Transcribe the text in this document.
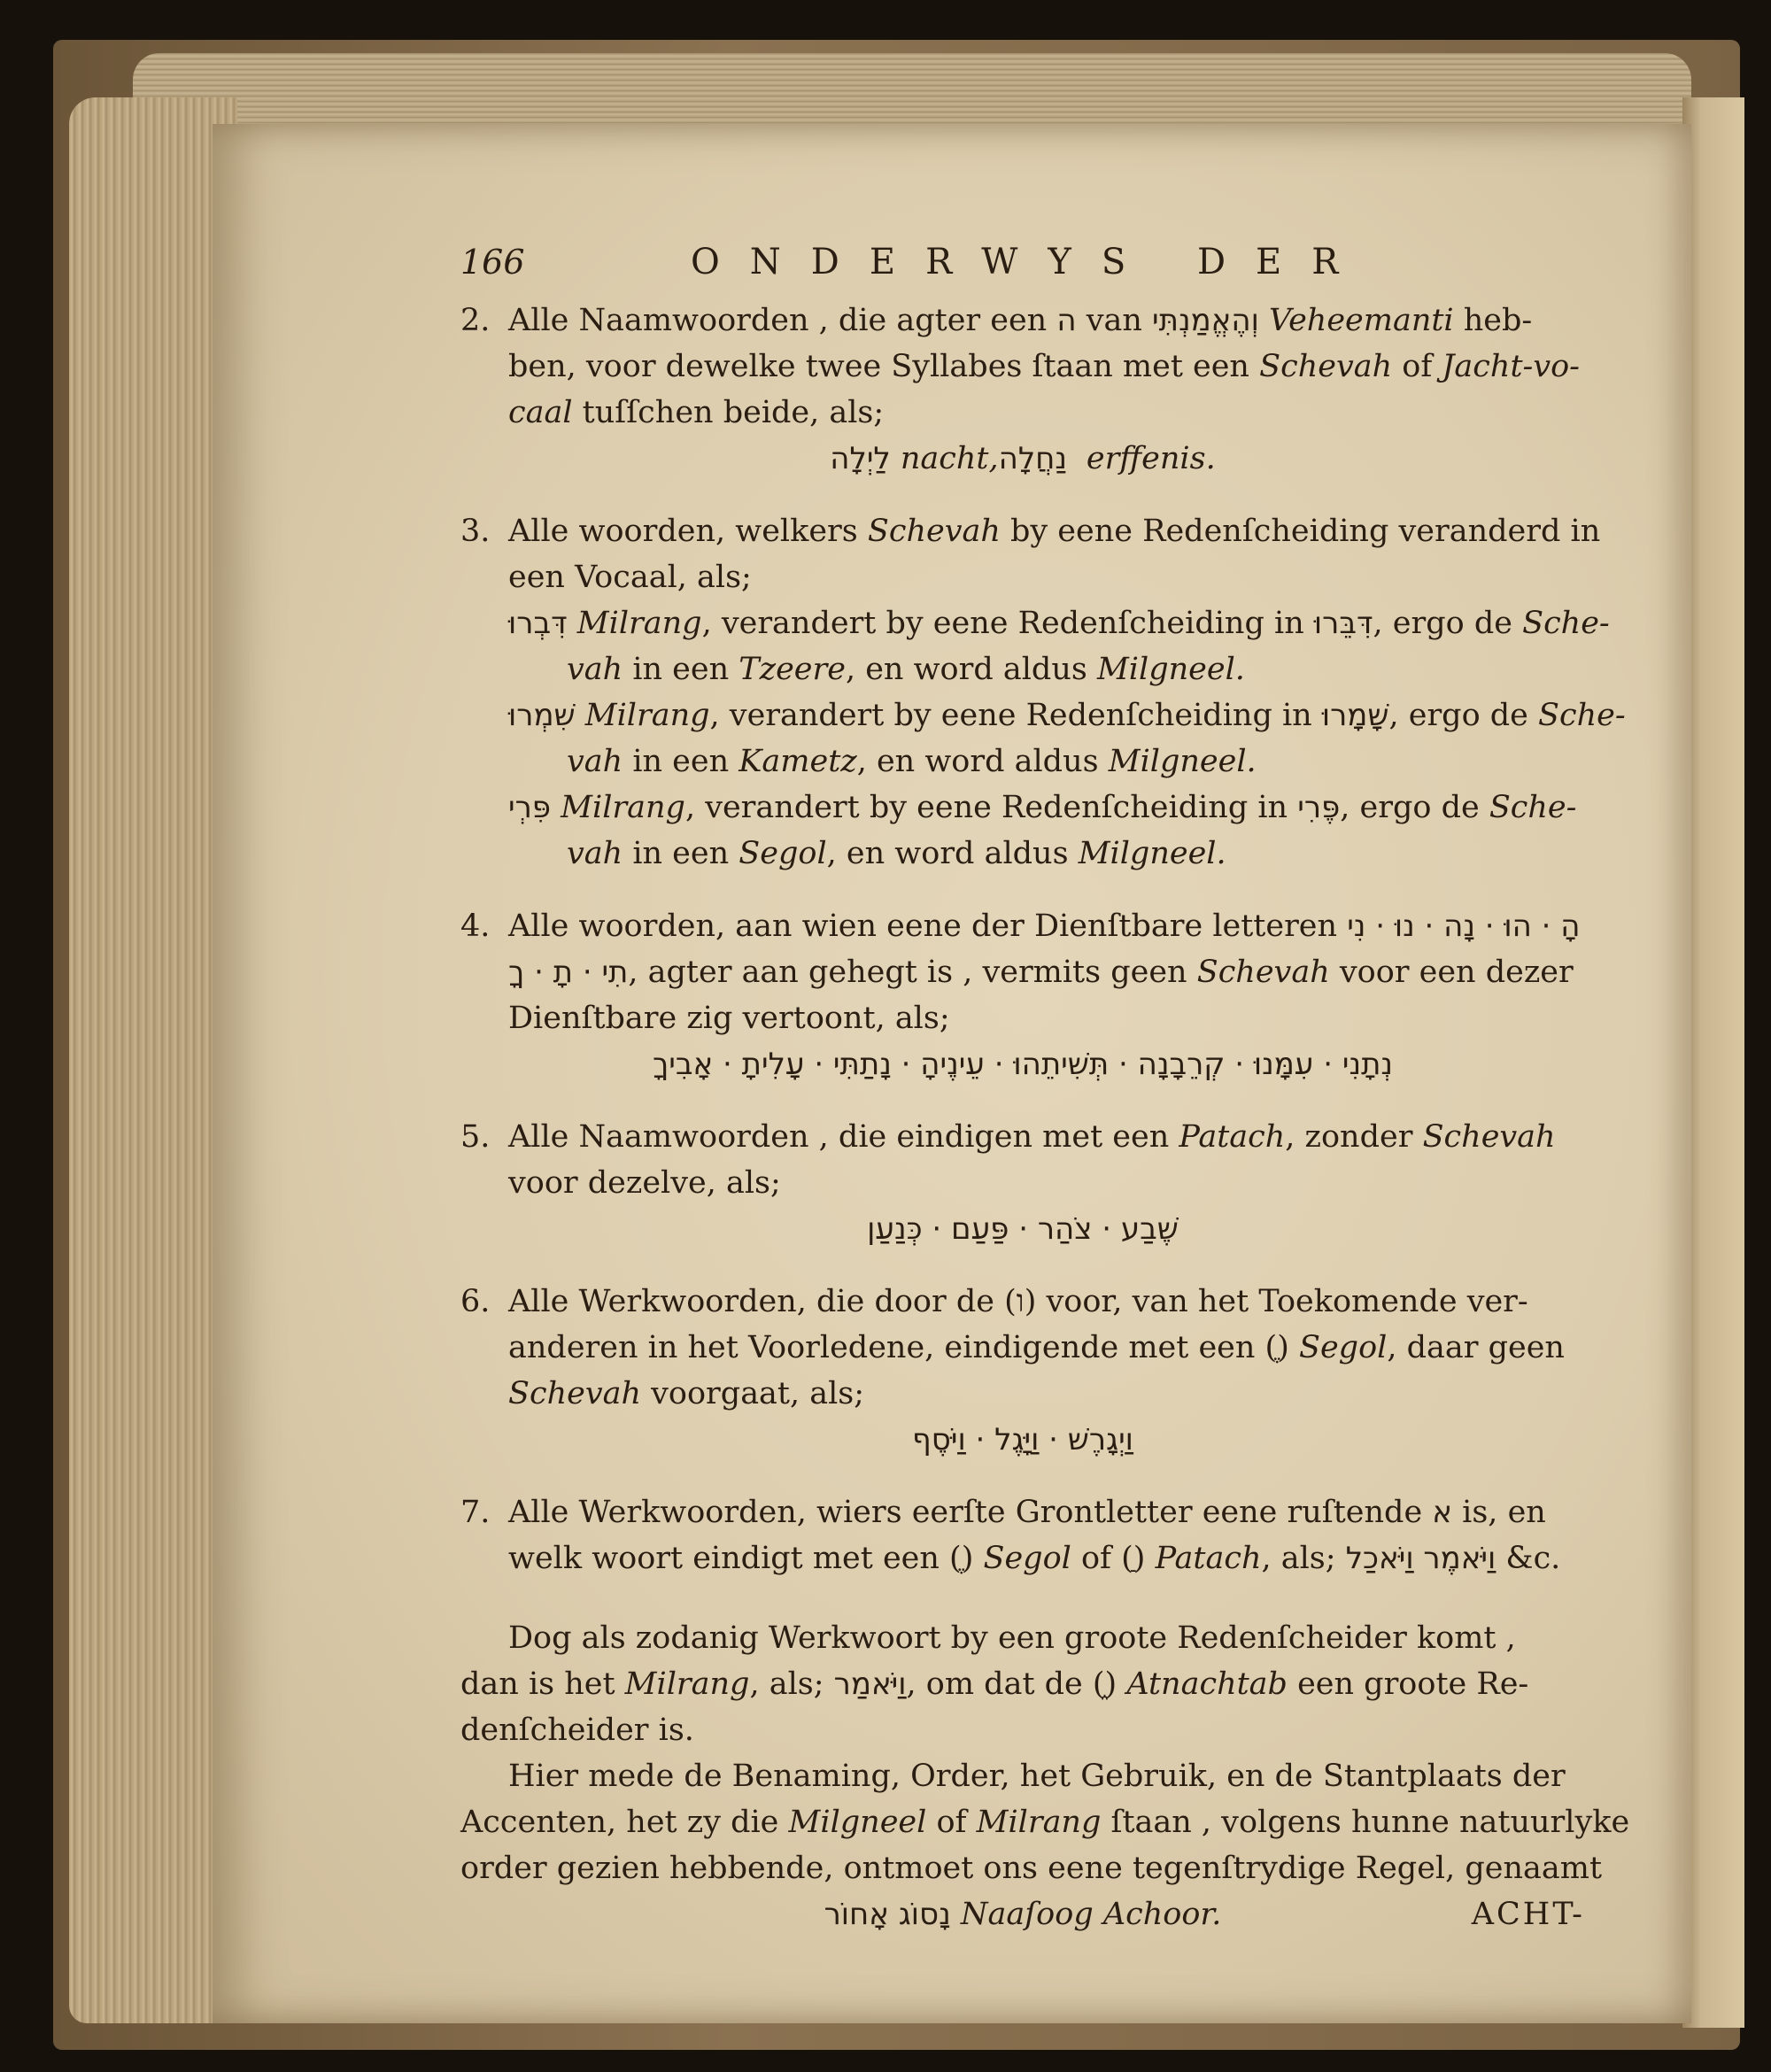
166	ONDERWYS DER
2. Alle Naamwoorden , die agter een ה van וְהֶאֱמַנְתִּי Veheemanti heb-
ben, voor dewelke twee Syllabes ſtaan met een Schevah of Jacht-vo-
caal tuſſchen beide, als;
לַיְלָה nacht, נַחֲלָה erffenis.
3. Alle woorden, welkers Schevah by eene Redenſcheiding veranderd in
een Vocaal, als;
דִּבְרוּ Milrang, verandert by eene Redenſcheiding in דִּבֵּרוּ, ergo de Sche-
vah in een Tzeere, en word aldus Milgneel.
שִׁמְרוּ Milrang, verandert by eene Redenſcheiding in שָׁמָרוּ, ergo de Sche-
vah in een Kametz, en word aldus Milgneel.
פִּרְי Milrang, verandert by eene Redenſcheiding in פֶּרִי, ergo de Sche-
vah in een Segol, en word aldus Milgneel.
4. Alle woorden, aan wien eene der Dienſtbare letteren הָ · הוּ · נָה · נוּ · נִי
תִי · תָ · ךָ, agter aan gehegt is , vermits geen Schevah voor een dezer
Dienſtbare zig vertoont, als;
נְתָנִי · עִמָּנוּ · קְרֵבָנָה · תְּשִׁיתֵהוּ · עֵינֶיהָ · נָתַתִּי · עָלִיתָ · אָבִיךָ
5. Alle Naamwoorden , die eindigen met een Patach, zonder Schevah
voor dezelve, als;
שֶׁבַע · צֹהַר · פַּעַם · כְּנַעַן
6. Alle Werkwoorden, die door de (ו) voor, van het Toekomende ver-
anderen in het Voorledene, eindigende met een (ֶ) Segol, daar geen
Schevah voorgaat, als;
וַיְגָרֶשׁ · וַיָּגֶל · וַיֹּסֶף
7. Alle Werkwoorden, wiers eerſte Grontletter eene ruſtende א is, en
welk woort eindigt met een (ֶ) Segol of (ַ) Patach, als; וַיֹּאמֶר וַיֹּאכַל &c.
Dog als zodanig Werkwoort by een groote Redenſcheider komt ,
dan is het Milrang, als; וַיֹּאמַר, om dat de (֑) Atnachtab een groote Re-
denſcheider is.
Hier mede de Benaming, Order, het Gebruik, en de Stantplaats der
Accenten, het zy die Milgneel of Milrang ſtaan , volgens hunne natuurlyke
order gezien hebbende, ontmoet ons eene tegenſtrydige Regel, genaamt
נָסוֹג אָחוֹר Naaſoog Achoor.	ACHT-
